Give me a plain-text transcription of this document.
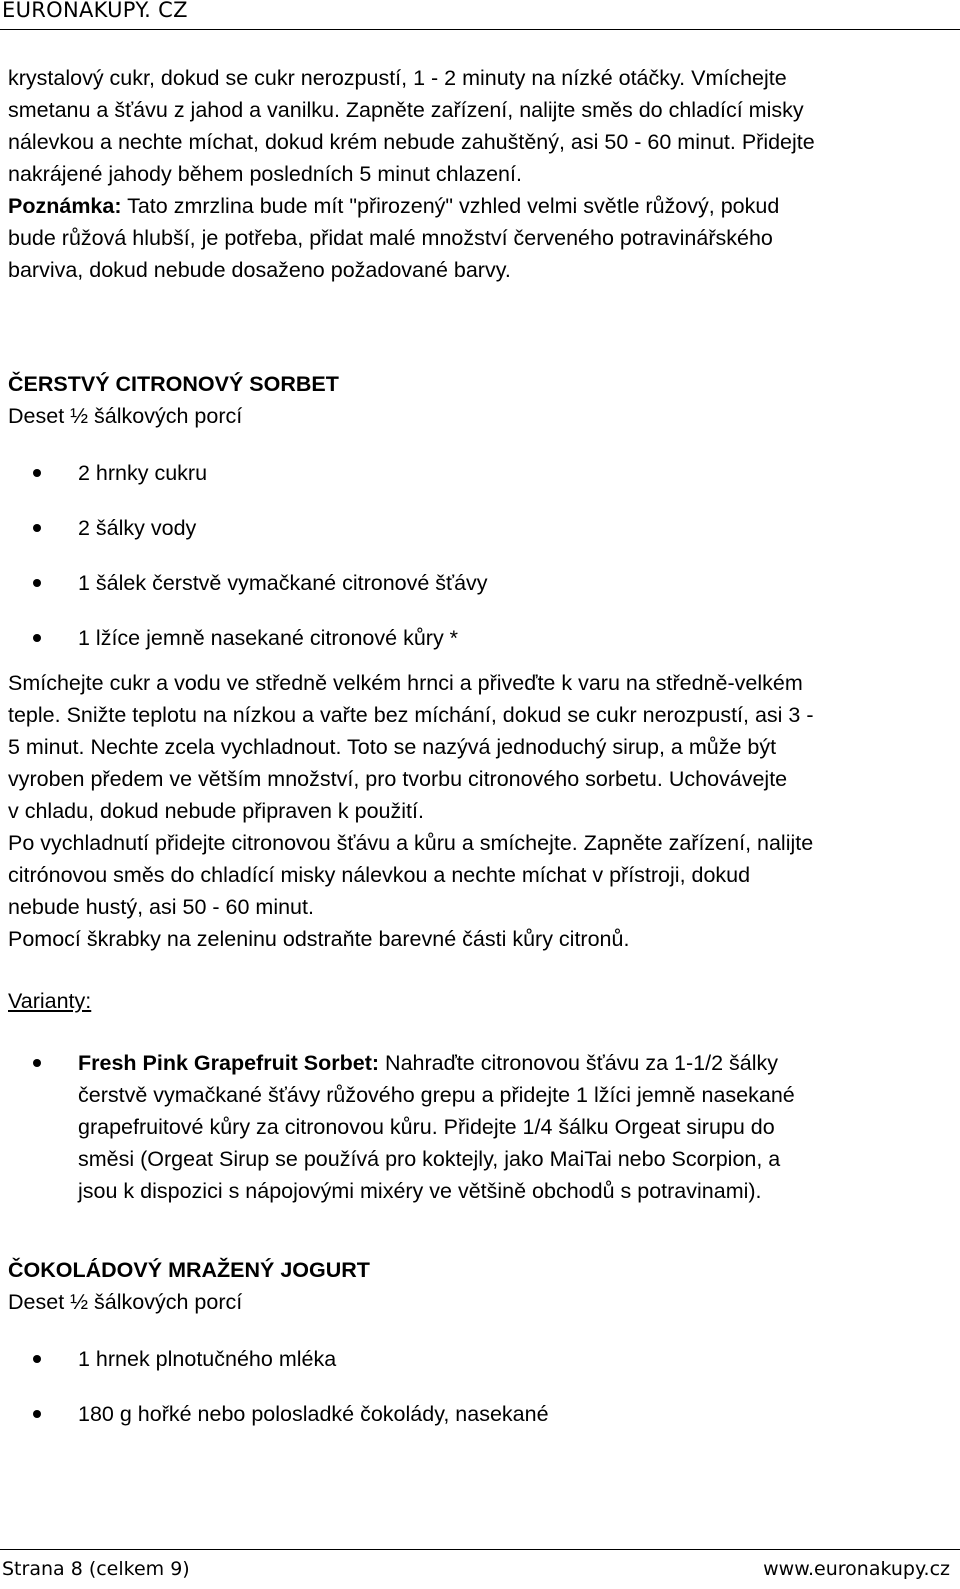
EURONAKUPY. CZ

krystalový cukr, dokud se cukr nerozpustí, 1 - 2 minuty na nízké otáčky. Vmíchejte

smetanu a šťávu z jahod a vanilku. Zapněte zařízení, nalijte směs do chladící misky

nálevkou a nechte míchat, dokud krém nebude zahuštěný, asi 50 - 60 minut. Přidejte

nakrájené jahody během posledních 5 minut chlazení.

Poznámka: Tato zmrzlina bude mít "přirozený" vzhled velmi světle růžový, pokud

bude růžová hlubší, je potřeba, přidat malé množství červeného potravinářského

barviva, dokud nebude dosaženo požadované barvy.

ČERSTVÝ CITRONOVÝ SORBET

Deset ½ šálkových porcí

2 hrnky cukru
2 šálky vody
1 šálek čerstvě vymačkané citronové šťávy
1 lžíce jemně nasekané citronové kůry *

Smíchejte cukr a vodu ve středně velkém hrnci a přiveďte k varu na středně-velkém

teple. Snižte teplotu na nízkou a vařte bez míchání, dokud se cukr nerozpustí, asi 3 -

5 minut. Nechte zcela vychladnout. Toto se nazývá jednoduchý sirup, a může být

vyroben předem ve větším množství, pro tvorbu citronového sorbetu. Uchovávejte

v chladu, dokud nebude připraven k použití.

Po vychladnutí přidejte citronovou šťávu a kůru a smíchejte. Zapněte zařízení, nalijte

citrónovou směs do chladící misky nálevkou a nechte míchat v přístroji, dokud

nebude hustý, asi 50 - 60 minut.

Pomocí škrabky na zeleninu odstraňte barevné části kůry citronů.

Varianty:

Fresh Pink Grapefruit Sorbet: Nahraďte citronovou šťávu za 1-1/2 šálky

čerstvě vymačkané šťávy růžového grepu a přidejte 1 lžíci jemně nasekané

grapefruitové kůry za citronovou kůru. Přidejte 1/4 šálku Orgeat sirupu do

směsi (Orgeat Sirup se používá pro koktejly, jako MaiTai nebo Scorpion, a

jsou k dispozici s nápojovými mixéry ve většině obchodů s potravinami).

ČOKOLÁDOVÝ MRAŽENÝ JOGURT

Deset ½ šálkových porcí

1 hrnek plnotučného mléka
180 g hořké nebo polosladké čokolády, nasekané
Strana 8 (celkem 9)	www.euronakupy.cz
